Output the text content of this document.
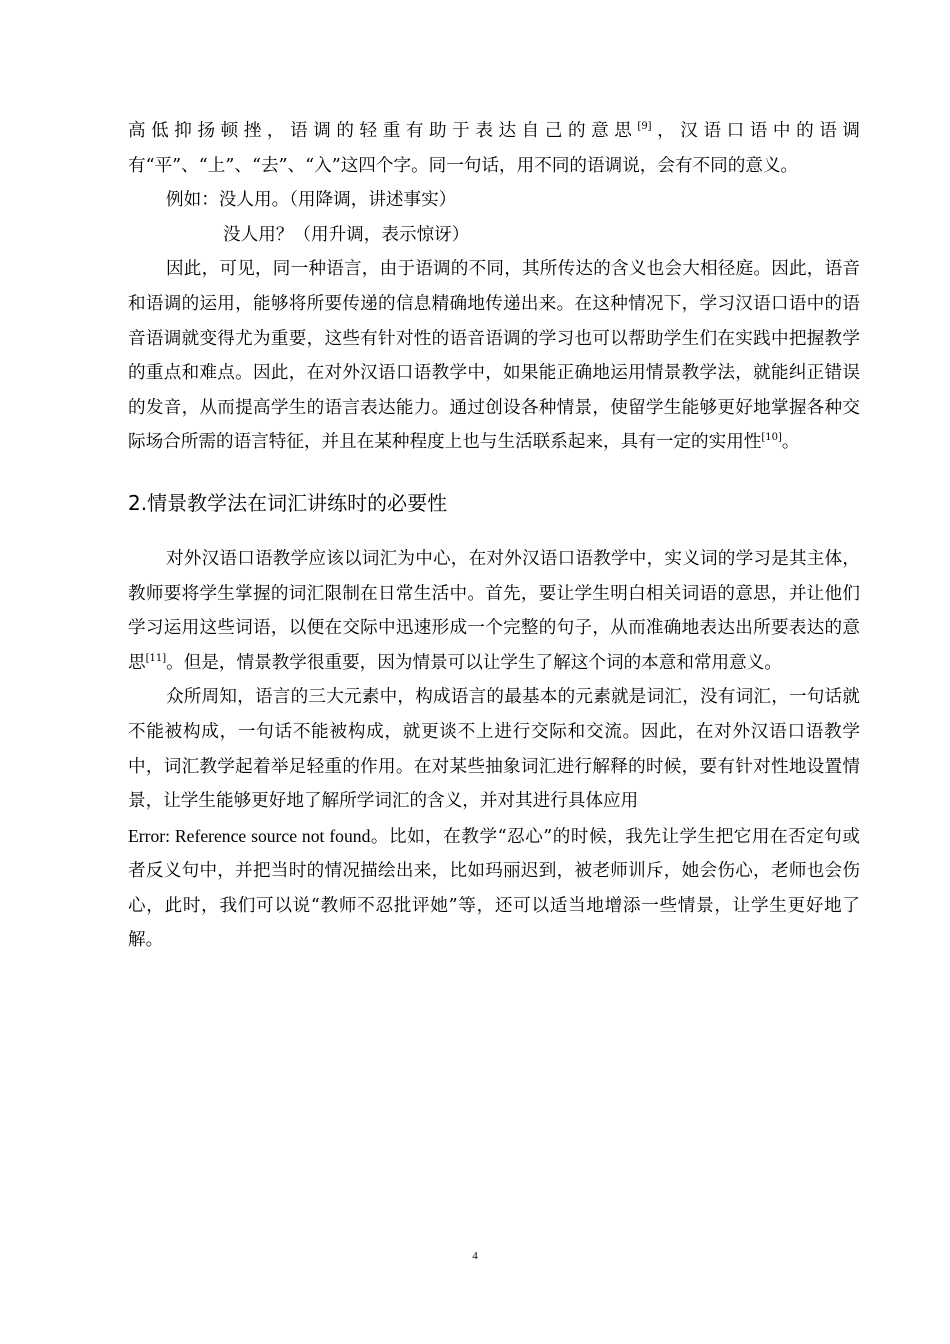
高低抑扬顿挫，语调的轻重有助于表达自己的意思[9]，汉语口语中的语调有“平”、“上”、“去”、“入”这四个字。同一句话，用不同的语调说，会有不同的意义。

例如：没人用。（用降调，讲述事实）

没人用？（用升调，表示惊讶）

因此，可见，同一种语言，由于语调的不同，其所传达的含义也会大相径庭。因此，语音和语调的运用，能够将所要传递的信息精确地传递出来。在这种情况下，学习汉语口语中的语音语调就变得尤为重要，这些有针对性的语音语调的学习也可以帮助学生们在实践中把握教学的重点和难点。因此，在对外汉语口语教学中，如果能正确地运用情景教学法，就能纠正错误的发音，从而提高学生的语言表达能力。通过创设各种情景，使留学生能够更好地掌握各种交际场合所需的语言特征，并且在某种程度上也与生活联系起来，具有一定的实用性[10]。

2.情景教学法在词汇讲练时的必要性

对外汉语口语教学应该以词汇为中心，在对外汉语口语教学中，实义词的学习是其主体，教师要将学生掌握的词汇限制在日常生活中。首先，要让学生明白相关词语的意思，并让他们学习运用这些词语，以便在交际中迅速形成一个完整的句子，从而准确地表达出所要表达的意思[11]。但是，情景教学很重要，因为情景可以让学生了解这个词的本意和常用意义。

众所周知，语言的三大元素中，构成语言的最基本的元素就是词汇，没有词汇，一句话就不能被构成，一句话不能被构成，就更谈不上进行交际和交流。因此，在对外汉语口语教学中，词汇教学起着举足轻重的作用。在对某些抽象词汇进行解释的时候，要有针对性地设置情景，让学生能够更好地了解所学词汇的含义，并对其进行具体应用
Error: Reference source not found。比如，在教学“忍心”的时候，我先让学生把它用在否定句或者反义句中，并把当时的情况描绘出来，比如玛丽迟到，被老师训斥，她会伤心，老师也会伤心，此时，我们可以说“教师不忍批评她”等，还可以适当地增添一些情景，让学生更好地了解。

4
